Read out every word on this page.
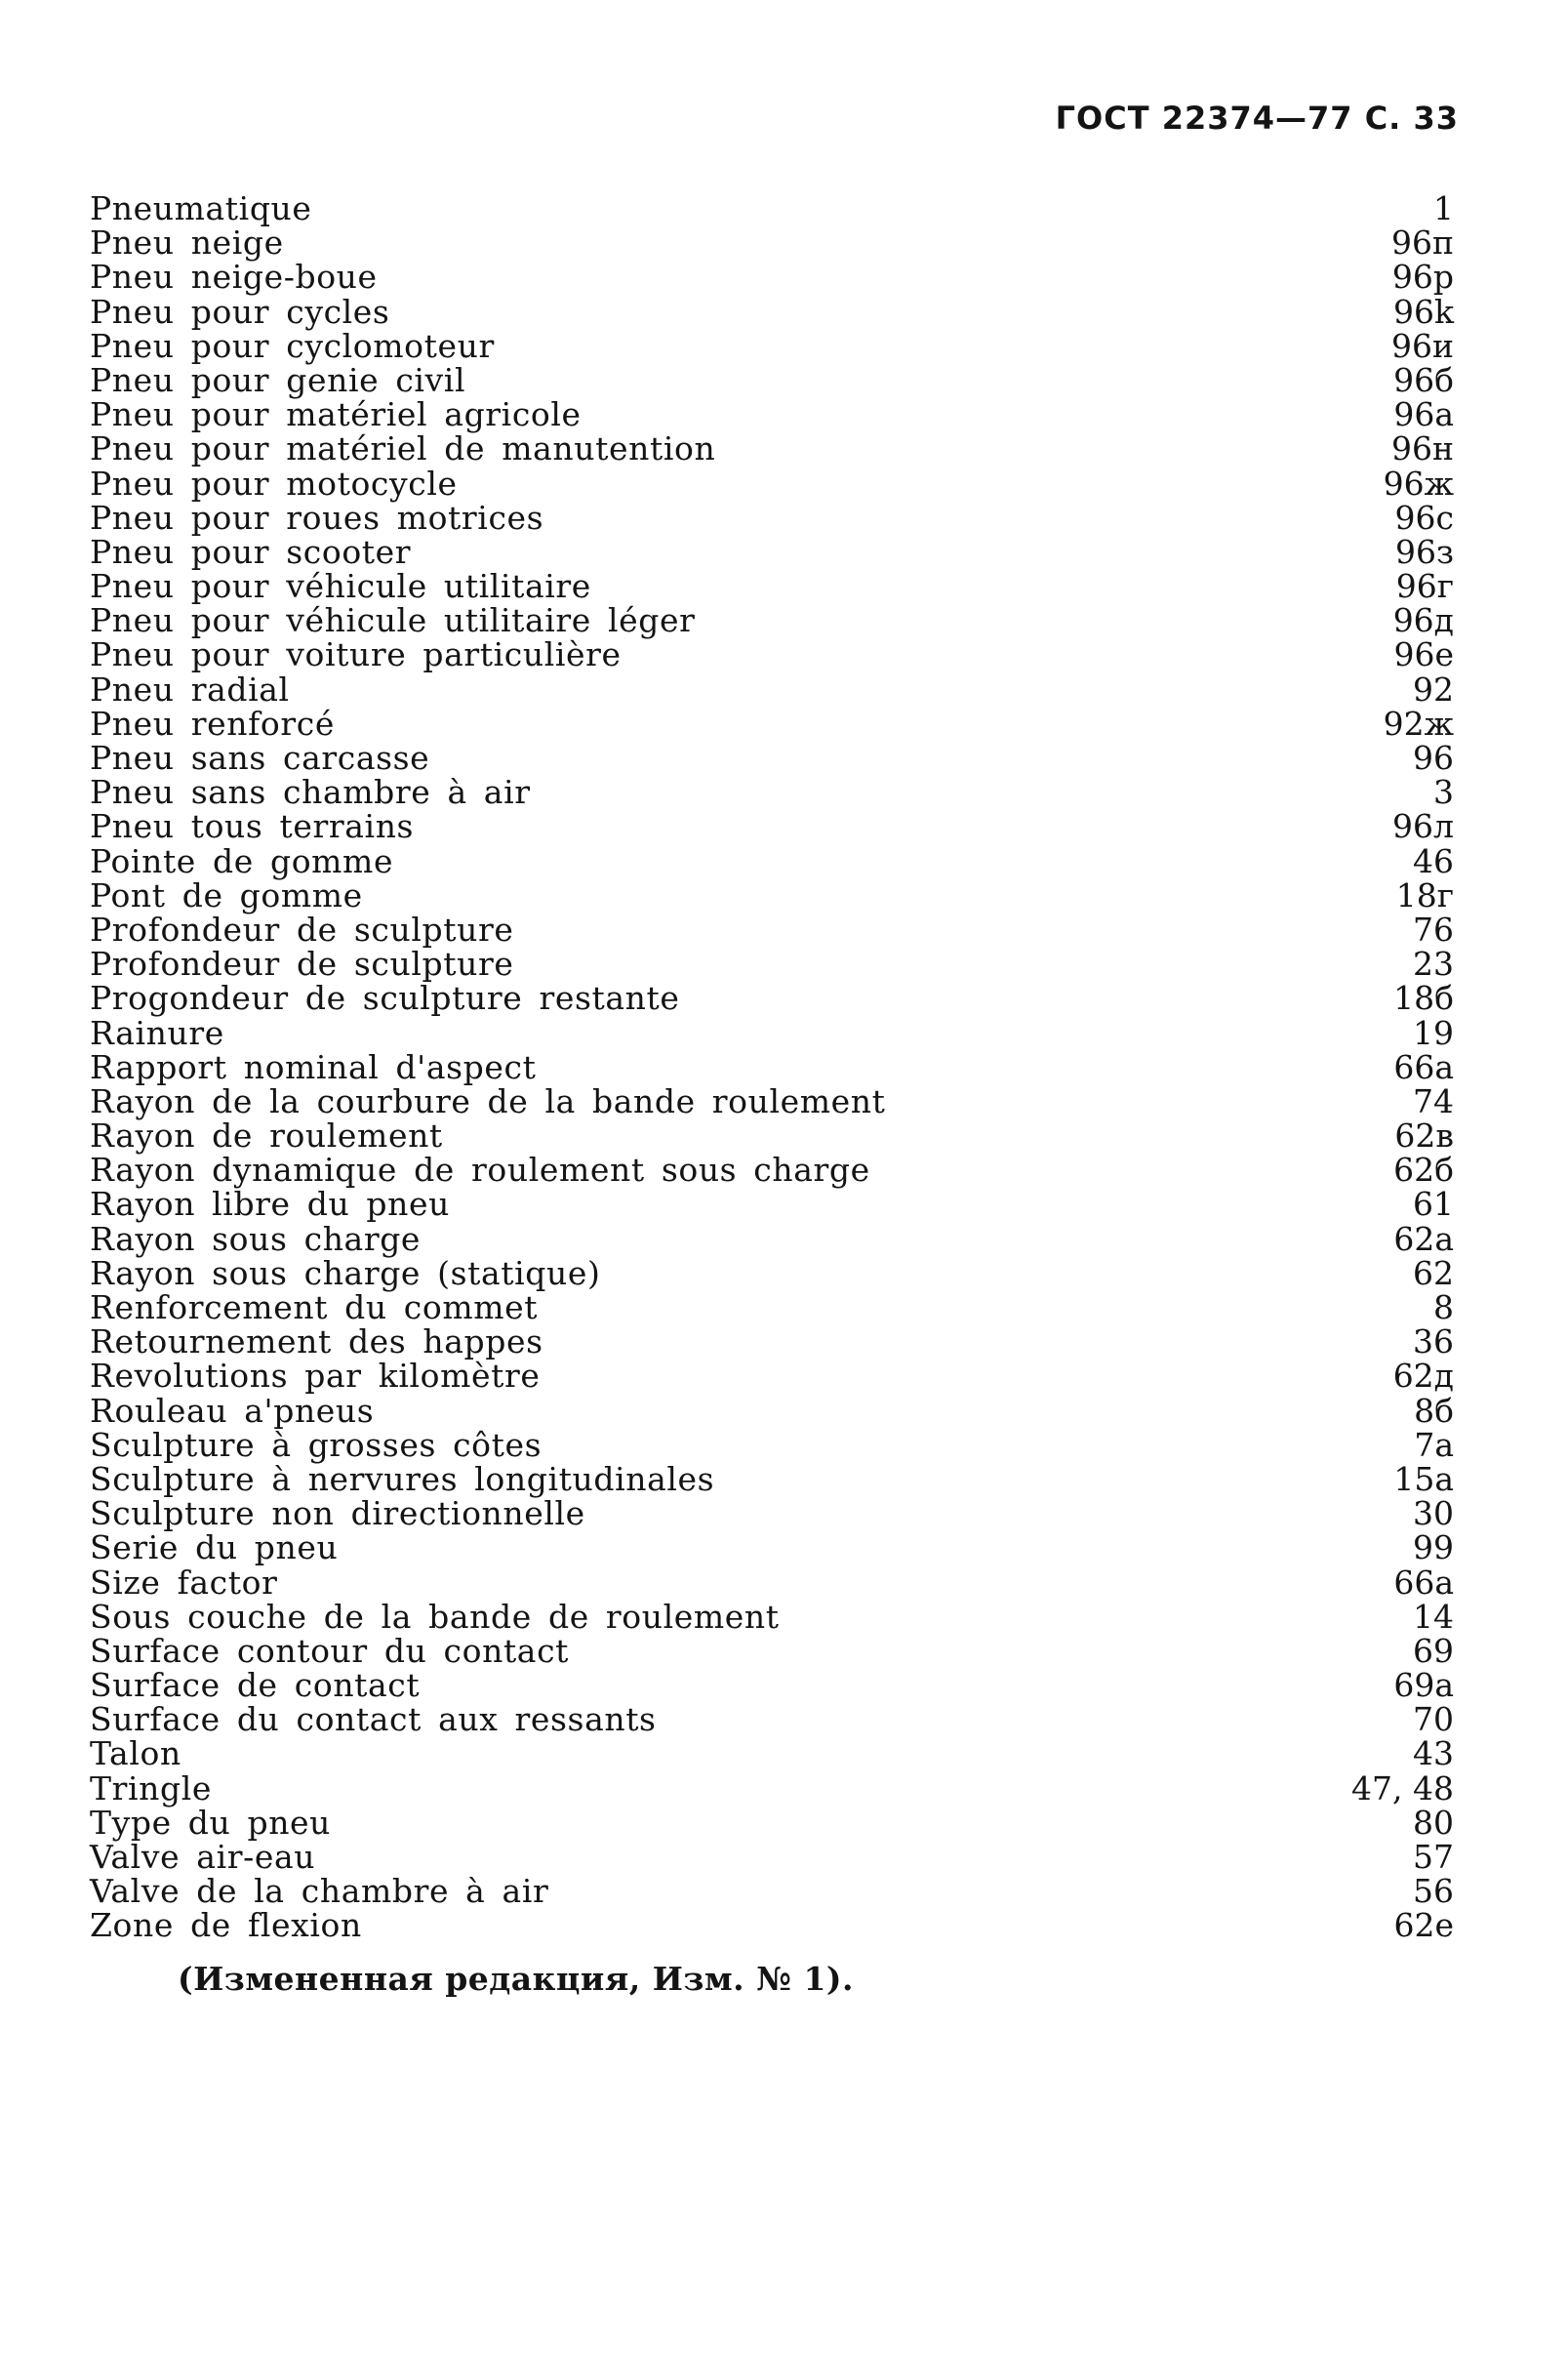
ГОСТ 22374—77 С. 33
Pneumatique	1
Pneu neige	96п
Pneu neige-boue	96р
Pneu pour cycles	96k
Pneu pour cyclomoteur	96и
Pneu pour genie civil	96б
Pneu pour matériel agricole	96а
Pneu pour matériel de manutention	96н
Pneu pour motocycle	96ж
Pneu pour roues motrices	96с
Pneu pour scooter	96з
Pneu pour véhicule utilitaire	96г
Pneu pour véhicule utilitaire léger	96д
Pneu pour voiture particulière	96е
Pneu radial	92
Pneu renforcé	92ж
Pneu sans carcasse	96
Pneu sans chambre à air	3
Pneu tous terrains	96л
Pointe de gomme	46
Pont de gomme	18г
Profondeur de sculpture	76
Profondeur de sculpture	23
Progondeur de sculpture restante	18б
Rainure	19
Rapport nominal d'aspect	66а
Rayon de la courbure de la bande roulement	74
Rayon de roulement	62в
Rayon dynamique de roulement sous charge	62б
Rayon libre du pneu	61
Rayon sous charge	62а
Rayon sous charge (statique)	62
Renforcement du commet	8
Retournement des happes	36
Revolutions par kilomètre	62д
Rouleau a'pneus	8б
Sculpture à grosses côtes	7а
Sculpture à nervures longitudinales	15а
Sculpture non directionnelle	30
Serie du pneu	99
Size factor	66а
Sous couche de la bande de roulement	14
Surface contour du contact	69
Surface de contact	69а
Surface du contact aux ressants	70
Talon	43
Tringle	47, 48
Type du pneu	80
Valve air-eau	57
Valve de la chambre à air	56
Zone de flexion	62е
(Измененная редакция, Изм. № 1).
